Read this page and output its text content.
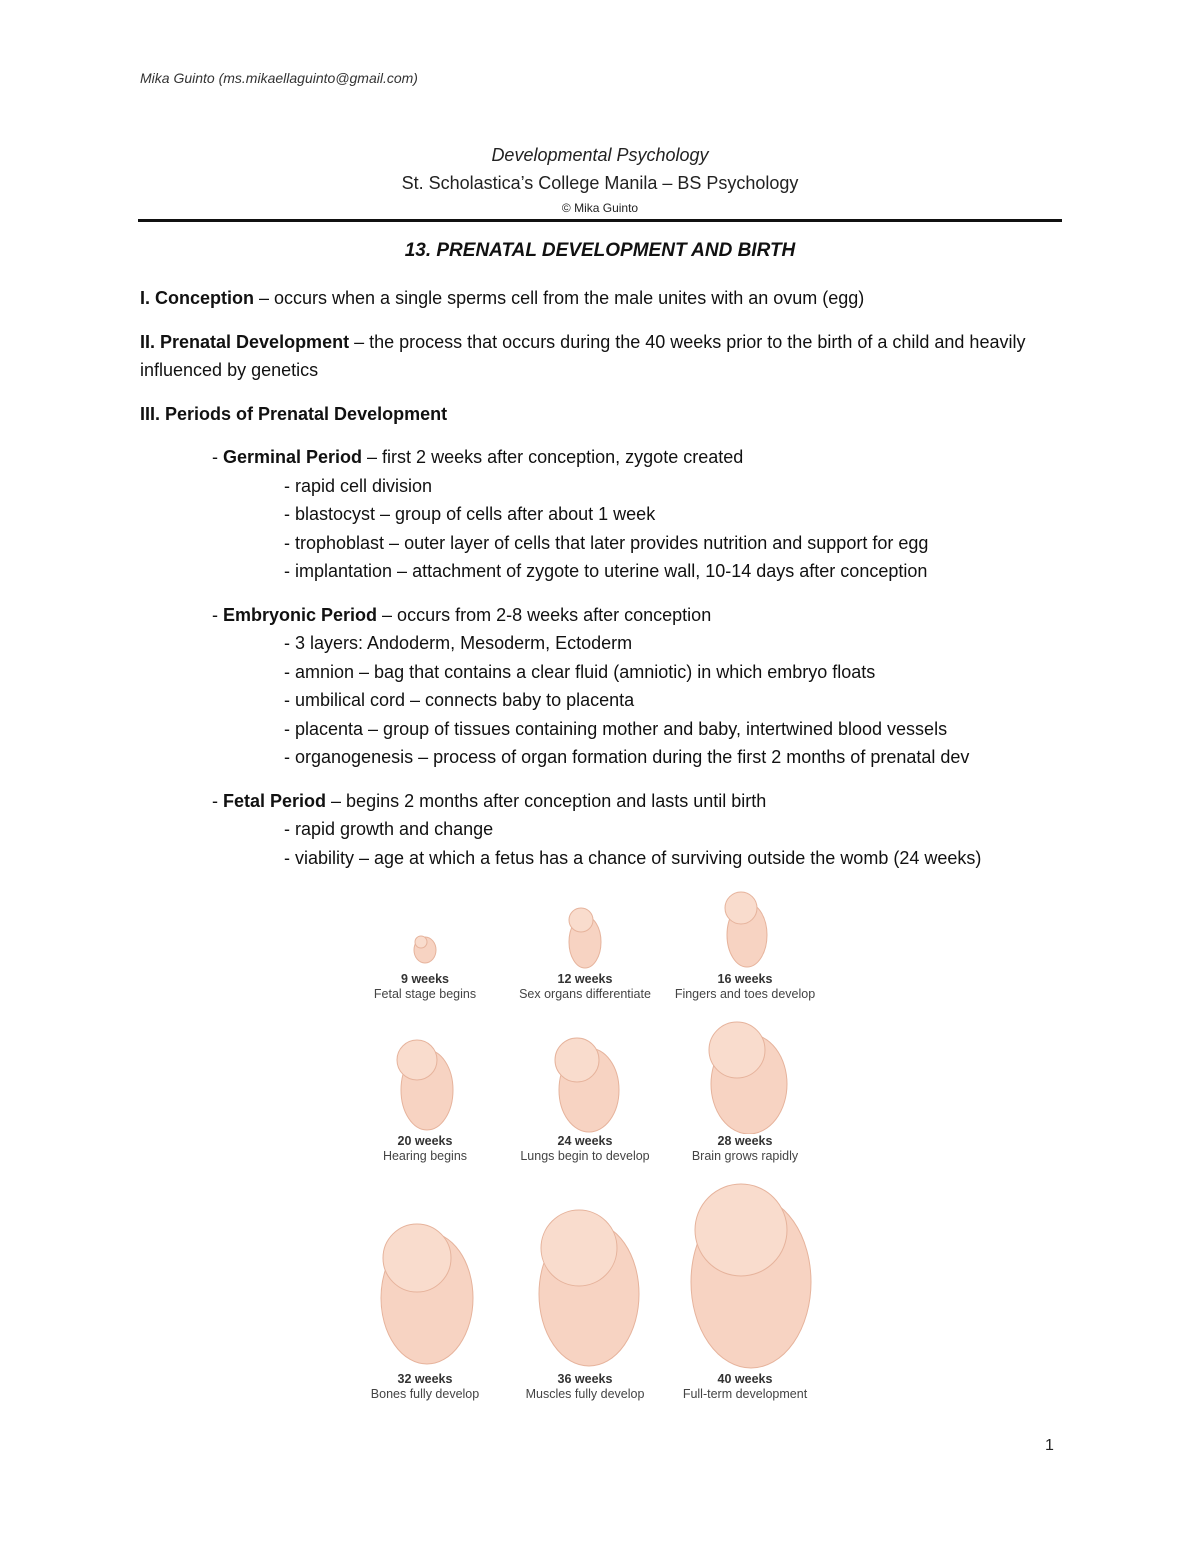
Mika Guinto (ms.mikaellaguinto@gmail.com)
Developmental Psychology
St. Scholastica’s College Manila – BS Psychology
© Mika Guinto
13. PRENATAL DEVELOPMENT AND BIRTH

I. Conception – occurs when a single sperms cell from the male unites with an ovum (egg)

II. Prenatal Development – the process that occurs during the 40 weeks prior to the birth of a child and heavily influenced by genetics

III. Periods of Prenatal Development

- Germinal Period – first 2 weeks after conception, zygote created
- rapid cell division
- blastocyst – group of cells after about 1 week
- trophoblast – outer layer of cells that later provides nutrition and support for egg
- implantation – attachment of zygote to uterine wall, 10-14 days after conception
- Embryonic Period – occurs from 2-8 weeks after conception
- 3 layers: Andoderm, Mesoderm, Ectoderm
- amnion – bag that contains a clear fluid (amniotic) in which embryo floats
- umbilical cord – connects baby to placenta
- placenta – group of tissues containing mother and baby, intertwined blood vessels
- organogenesis – process of organ formation during the first 2 months of prenatal dev
- Fetal Period – begins 2 months after conception and lasts until birth
- rapid growth and change
- viability – age at which a fetus has a chance of surviving outside the womb (24 weeks)
9 weeks
Fetal stage begins
12 weeks
Sex organs differentiate
16 weeks
Fingers and toes develop
20 weeks
Hearing begins
24 weeks
Lungs begin to develop
28 weeks
Brain grows rapidly
32 weeks
Bones fully develop
36 weeks
Muscles fully develop
40 weeks
Full-term development
1
